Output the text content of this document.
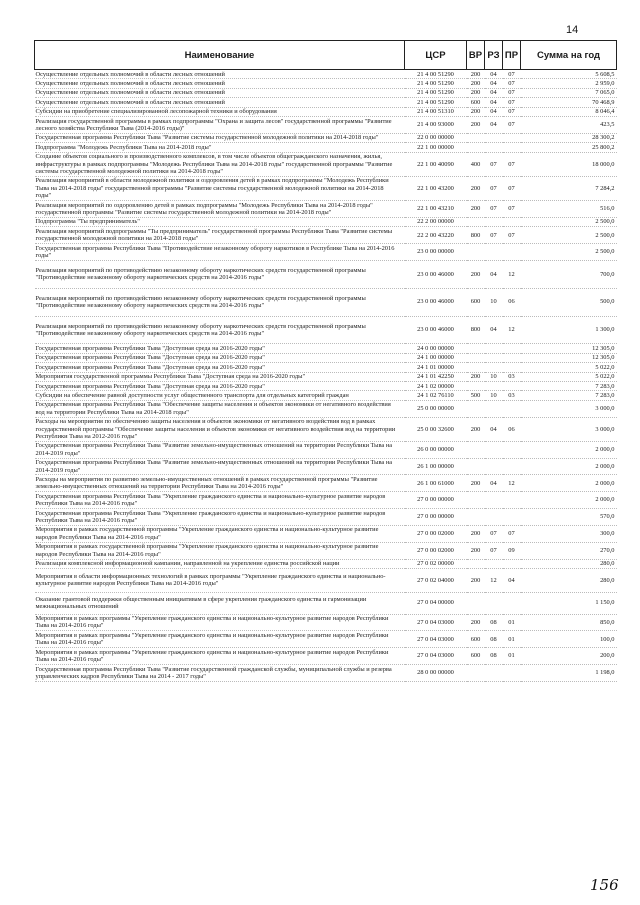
14
Наименование	ЦСР	ВР	РЗ	ПР	Сумма на год
Осуществление отдельных полномочий в области лесных отношений	21 4 00 51290	200	04	07	5 608,5
Осуществление отдельных полномочий в области лесных отношений	21 4 00 51290	200	04	07	2 959,0
Осуществление отдельных полномочий в области лесных отношений	21 4 00 51290	200	04	07	7 065,0
Осуществление отдельных полномочий в области лесных отношений	21 4 00 51290	600	04	07	70 468,9
Субсидии на приобретение специализированной лесопожарной техники и оборудования	21 4 00 51310	200	04	07	8 046,4
Реализация государственной программы в рамках подпрограммы "Охрана и защита лесов" государственной программы "Развитие лесного хозяйства Республики Тыва (2014-2016 годы)"	21 4 00 93000	200	04	07	423,5
Государственная программа Республики Тыва "Развитие системы государственной молодежной политики на 2014-2018 годы"	22 0 00 00000				28 300,2
Подпрограмма "Молодежь Республики Тыва на 2014-2018 годы"	22 1 00 00000				25 800,2
Создание объектов социального и производственного комплексов, в том числе объектов общегражданского назначения, жилья, инфраструктуры в рамках подпрограммы "Молодежь Республики Тыва на 2014-2018 годы" государственной программы "Развитие системы государственной молодежной политики на 2014-2018 годы"	22 1 00 40090	400	07	07	18 000,0
Реализация мероприятий в области молодежной политики и оздоровления детей в рамках подпрограммы "Молодежь Республики Тыва на 2014-2018 годы" государственной программы "Развитие системы государственной молодежной политики на 2014-2018 годы"	22 1 00 43200	200	07	07	7 284,2
Реализация мероприятий по оздоровлению детей в рамках подпрограммы "Молодежь Республики Тыва на 2014-2018 годы" государственной программы "Развитие системы государственной молодежной политики на 2014-2018 годы"	22 1 00 43210	200	07	07	516,0
Подпрограмма "Ты предприниматель"	22 2 00 00000				2 500,0
Реализация мероприятий подпрограммы "Ты предприниматель" государственной программы Республики Тыва "Развитие системы государственной молодежной политики на 2014-2018 годы"	22 2 00 43220	800	07	07	2 500,0
Государственная программа Республики Тыва "Противодействие незаконному обороту наркотиков в Республике Тыва на 2014-2016 годы"	23 0 00 00000				2 500,0
Реализация мероприятий по противодействию незаконному обороту наркотических средств государственной программы "Противодействие незаконному обороту наркотических средств на 2014-2016 годы"	23 0 00 46000	200	04	12	700,0
Реализация мероприятий по противодействию незаконному обороту наркотических средств государственной программы "Противодействие незаконному обороту наркотических средств на 2014-2016 годы"	23 0 00 46000	600	10	06	500,0
Реализация мероприятий по противодействию незаконному обороту наркотических средств государственной программы "Противодействие незаконному обороту наркотических средств на 2014-2016 годы"	23 0 00 46000	800	04	12	1 300,0
Государственная программа Республики Тыва "Доступная среда на 2016-2020 годы"	24 0 00 00000				12 305,0
Государственная программа Республики Тыва "Доступная среда на 2016-2020 годы"	24 1 00 00000				12 305,0
Государственная программа Республики Тыва "Доступная среда на 2016-2020 годы"	24 1 01 00000				5 022,0
Мероприятия государственной программы Республики Тыва "Доступная среда на 2016-2020 годы"	24 1 01 42250	200	10	03	5 022,0
Государственная программа Республики Тыва "Доступная среда на 2016-2020 годы"	24 1 02 00000				7 283,0
Субсидии на обеспечение равной доступности услуг общественного транспорта для отдельных категорий граждан	24 1 02 76110	500	10	03	7 283,0
Государственная программа Республики Тыва "Обеспечение защиты населения и объектов экономики от негативного воздействия вод на территории Республики Тыва на 2014-2018 годы"	25 0 00 00000				3 000,0
Расходы на мероприятия по обеспечению защиты населения и объектов экономики от негативного воздействия вод в рамках государственной программы "Обеспечение защиты населения и объектов экономики от негативного воздействия вод на территории Республики Тыва на 2012-2016 годы"	25 0 00 32600	200	04	06	3 000,0
Государственная программа Республики Тыва "Развитие земельно-имущественных отношений на территории Республики Тыва на 2014-2019 годы"	26 0 00 00000				2 000,0
Государственная программа Республики Тыва "Развитие земельно-имущественных отношений на территории Республики Тыва на 2014-2019 годы"	26 1 00 00000				2 000,0
Расходы на мероприятия по развитию земельно-имущественных отношений в рамках государственной программы "Развитие земельно-имущественных отношений на территории Республики Тыва на 2014-2016 годы"	26 1 00 61000	200	04	12	2 000,0
Государственная программа Республики Тыва "Укрепление гражданского единства и национально-культурное развитие народов Республики Тыва на 2014-2016 годы"	27 0 00 00000				2 000,0
Государственная программа Республики Тыва "Укрепление гражданского единства и национально-культурное развитие народов Республики Тыва на 2014-2016 годы"	27 0 00 00000				570,0
Мероприятия в рамках государственной программы "Укрепление гражданского единства и национально-культурное развитие народов Республики Тыва на 2014-2016 годы"	27 0 00 02000	200	07	07	300,0
Мероприятия в рамках государственной программы "Укрепление гражданского единства и национально-культурное развитие народов Республики Тыва на 2014-2016 годы"	27 0 00 02000	200	07	09	270,0
Реализация комплексной информационной кампании, направленной на укрепление единства российской нации	27 0 02 00000				280,0
Мероприятия в области информационных технологий в рамках программы "Укрепление гражданского единства и национально-культурное развитие народов Республики Тыва на 2014-2016 годы"	27 0 02 04000	200	12	04	280,0
Оказание грантовой поддержки общественным инициативам в сфере укрепления гражданского единства и гармонизации межнациональных отношений	27 0 04 00000				1 150,0
Мероприятия в рамках программы "Укрепление гражданского единства и национально-культурное развитие народов Республики Тыва на 2014-2016 годы"	27 0 04 03000	200	08	01	850,0
Мероприятия в рамках программы "Укрепление гражданского единства и национально-культурное развитие народов Республики Тыва на 2014-2016 годы"	27 0 04 03000	600	08	01	100,0
Мероприятия в рамках программы "Укрепление гражданского единства и национально-культурное развитие народов Республики Тыва на 2014-2016 годы"	27 0 04 03000	600	08	01	200,0
Государственная программа Республики Тыва "Развитие государственной гражданской службы, муниципальной службы и резерва управленческих кадров Республики Тыва на 2014 - 2017 годы"	28 0 00 00000				1 198,0
156
